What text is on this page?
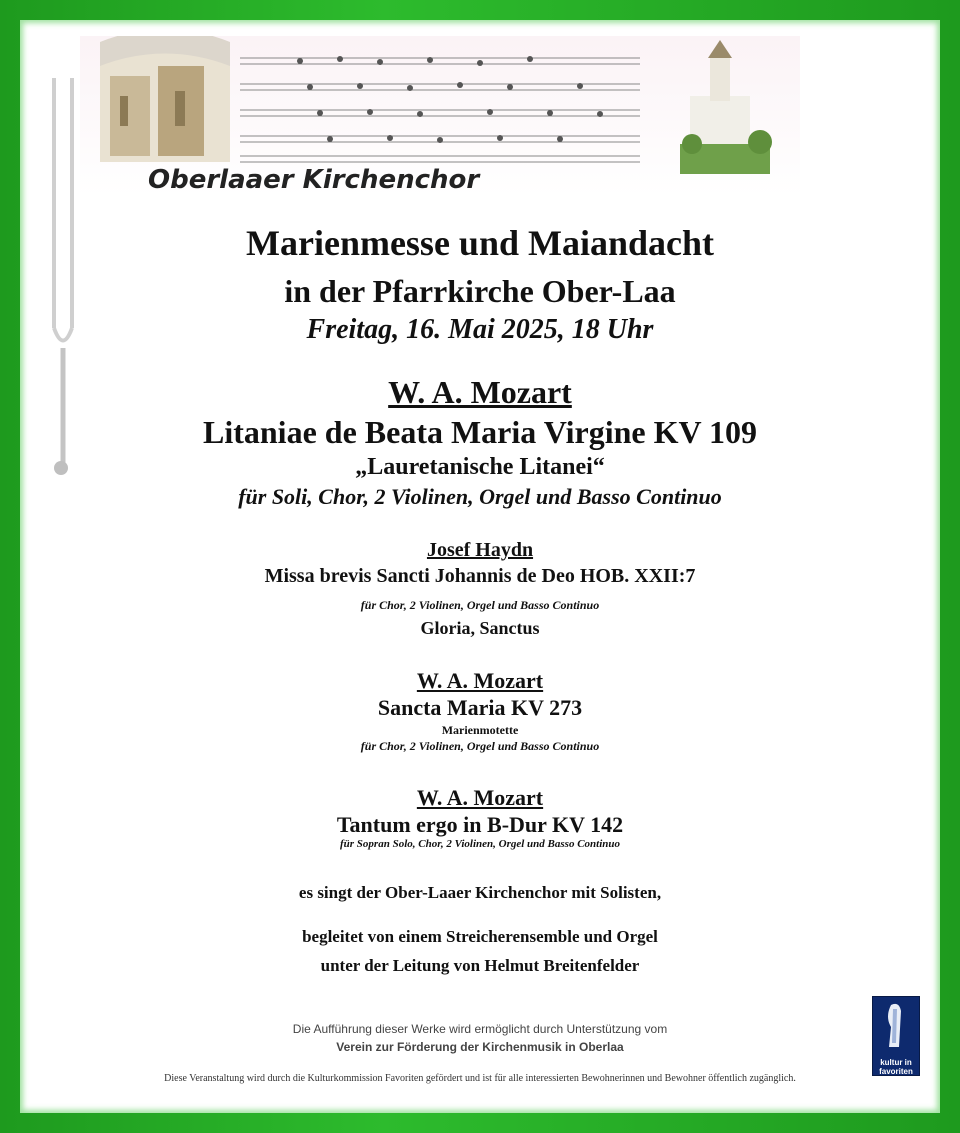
Oberlaaer Kirchenchor
Marienmesse und Maiandacht
in der Pfarrkirche Ober-Laa
Freitag, 16. Mai 2025, 18 Uhr
W. A. Mozart
Litaniae de Beata Maria Virgine KV 109
„Lauretanische Litanei“
für Soli, Chor, 2 Violinen, Orgel und Basso Continuo
Josef Haydn
Missa brevis Sancti Johannis de Deo HOB. XXII:7
für Chor, 2 Violinen, Orgel und Basso Continuo
Gloria, Sanctus
W. A. Mozart
Sancta Maria KV 273
Marienmotette
für Chor, 2 Violinen, Orgel und Basso Continuo
W. A. Mozart
Tantum ergo in B-Dur KV 142
für Sopran Solo, Chor, 2 Violinen, Orgel und Basso Continuo
es singt der Ober-Laaer Kirchenchor mit Solisten,
begleitet von einem Streicherensemble und Orgel
unter der Leitung von Helmut Breitenfelder
Die Aufführung dieser Werke wird ermöglicht durch Unterstützung vom
Verein zur Förderung der Kirchenmusik in Oberlaa
Diese Veranstaltung wird durch die Kulturkommission Favoriten gefördert und ist für alle interessierten Bewohnerinnen und Bewohner öffentlich zugänglich.
kultur in
favoriten
